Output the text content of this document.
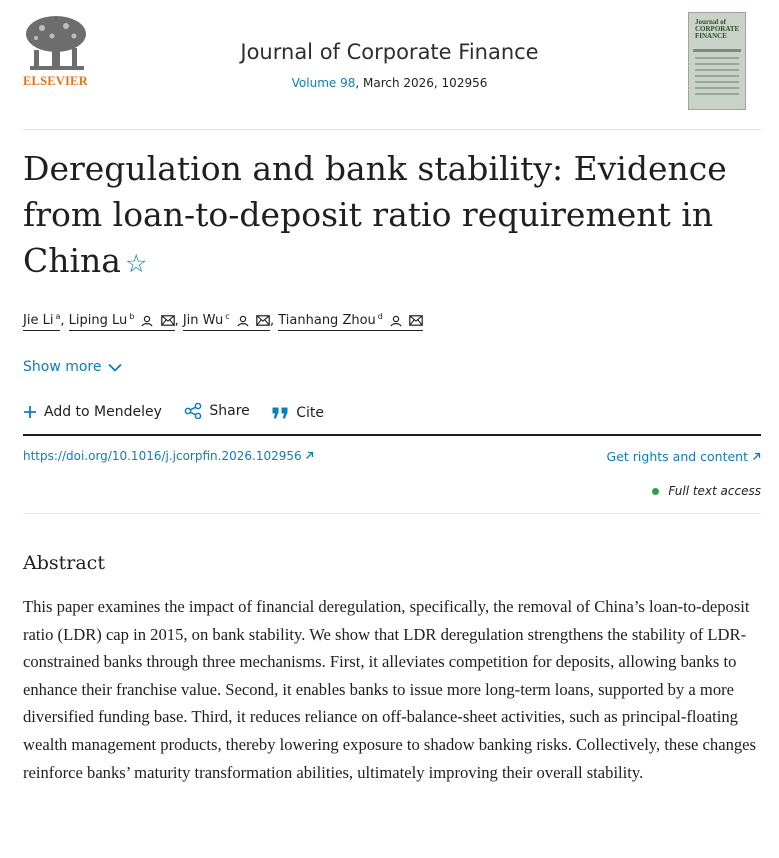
ELSEVIER
Journal of Corporate Finance
Volume 98, March 2026, 102956
Journal of CORPORATE FINANCE
Deregulation and bank stability: Evidence from loan-to-deposit ratio requirement in China ☆
Jie Li $^a$, Liping Lu $^b$	, Jin Wu $^c$	, Tianhang Zhou $^d$
Show more
Add to Mendeley
	Share
	Cite
https://doi.org/10.1016/j.jcorpfin.2026.102956	Get rights and content
Full text access
Abstract
This paper examines the impact of financial deregulation, specifically, the removal of China’s loan-to-deposit ratio (LDR) cap in 2015, on bank stability. We show that LDR deregulation strengthens the stability of LDR-constrained banks through three mechanisms. First, it alleviates competition for deposits, allowing banks to enhance their franchise value. Second, it enables banks to issue more long-term loans, supported by a more diversified funding base. Third, it reduces reliance on off-balance-sheet activities, such as principal-floating wealth management products, thereby lowering exposure to shadow banking risks. Collectively, these changes reinforce banks’ maturity transformation abilities, ultimately improving their overall stability.
